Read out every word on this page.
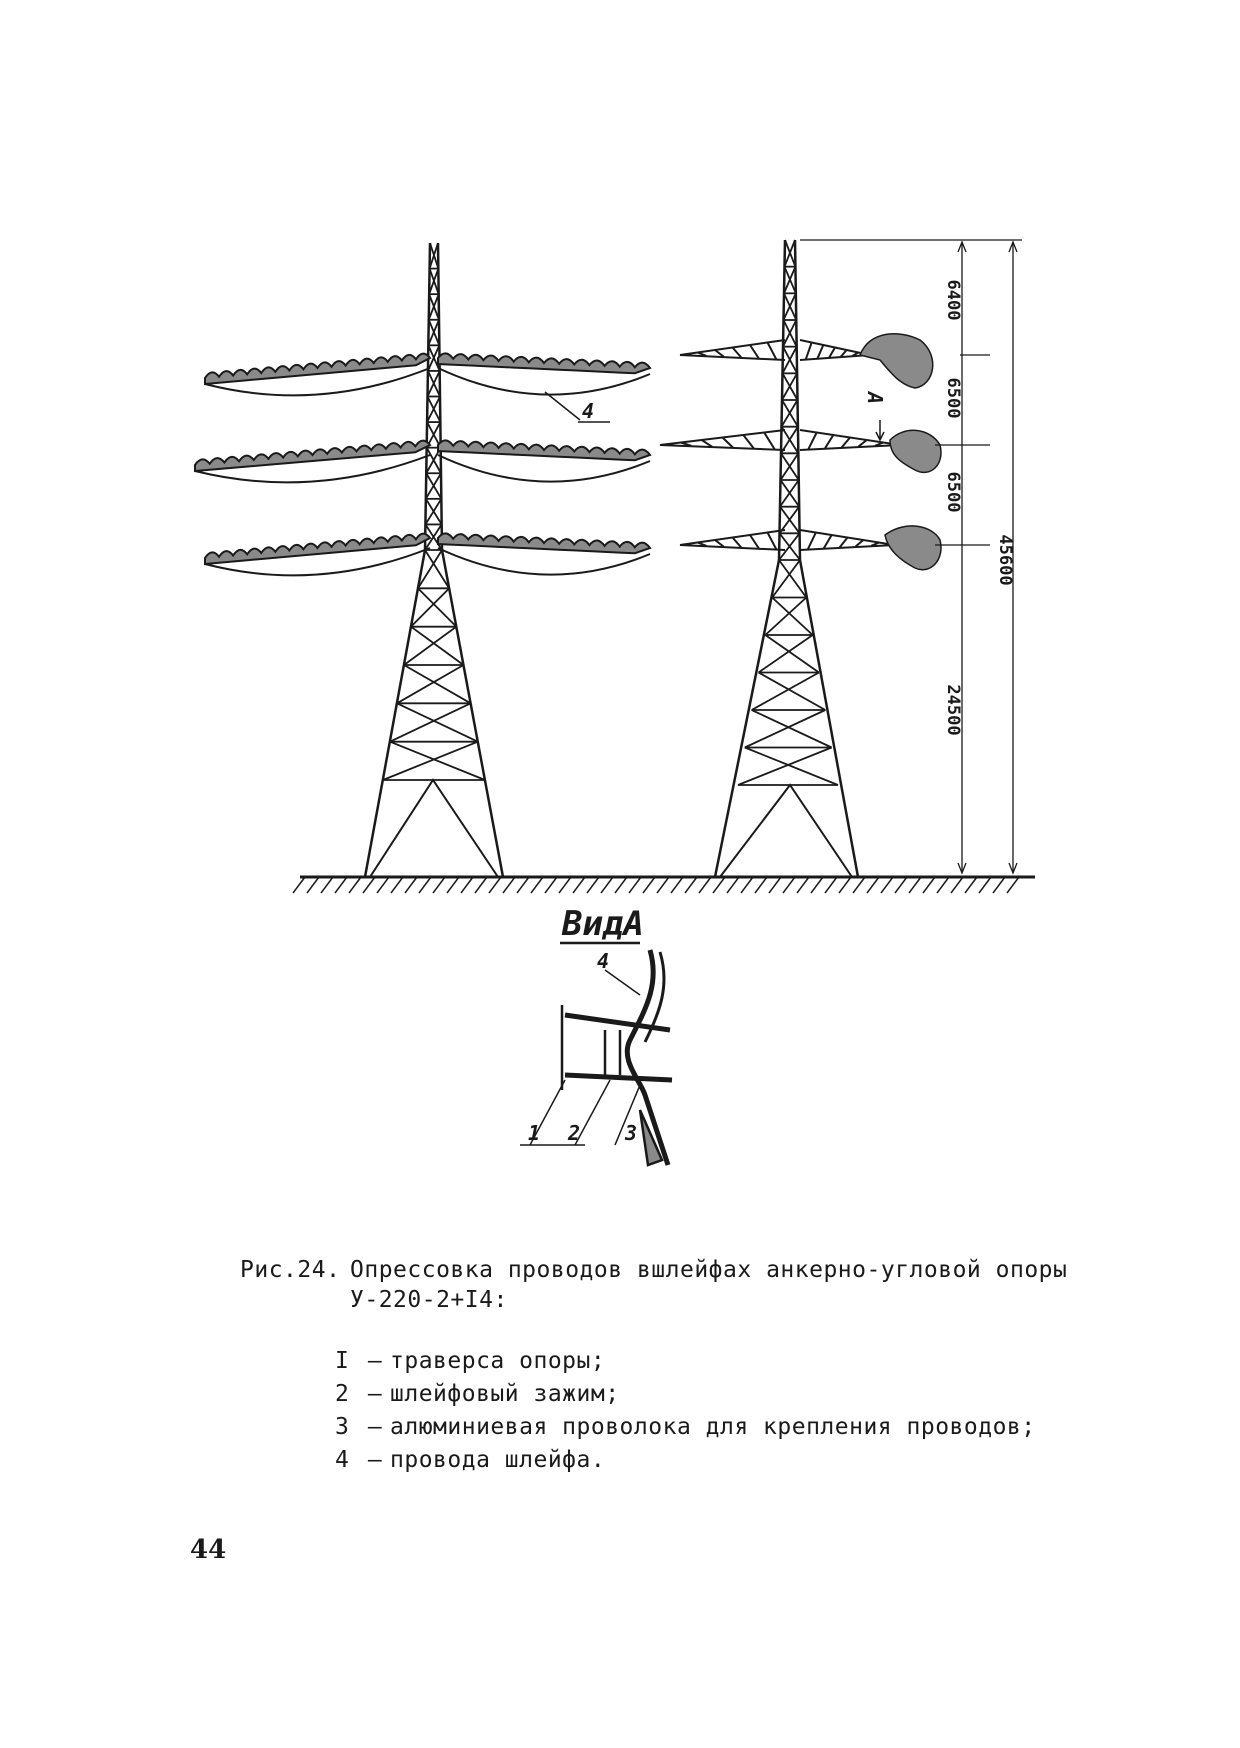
6400
6500
6500
24500
45600
4
A
ВидА
4
1 2 3
Рис.24. Опрессовка проводов вшлейфах анкерно-угловой опоры
У-220-2+I4:
I – траверса опоры;
2 – шлейфовый зажим;
3 – алюминиевая проволока для крепления проводов;
4 – провода шлейфа.
44
